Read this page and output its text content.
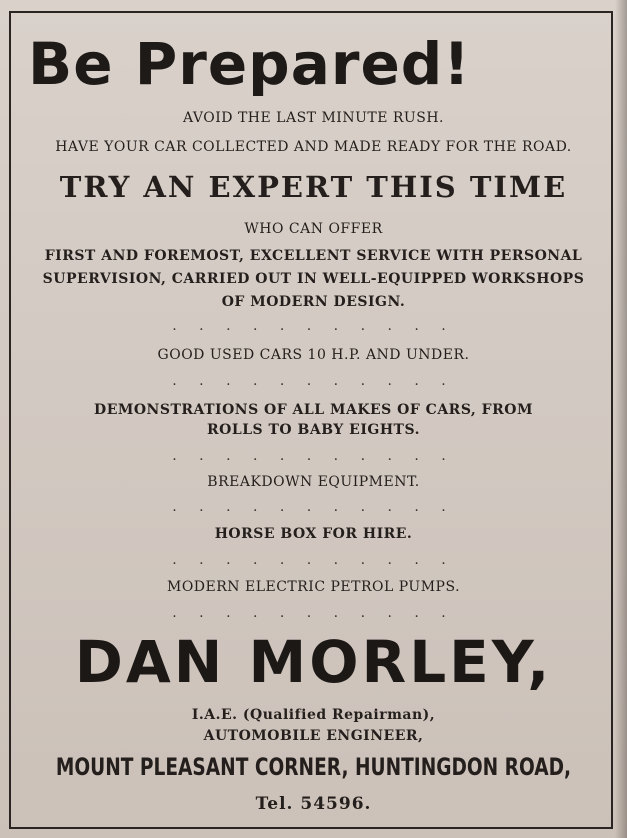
Be Prepared!
AVOID THE LAST MINUTE RUSH.
HAVE YOUR CAR COLLECTED AND MADE READY FOR THE ROAD.
TRY AN EXPERT THIS TIME
WHO CAN OFFER
FIRST AND FOREMOST, EXCELLENT SERVICE WITH PERSONAL
SUPERVISION, CARRIED OUT IN WELL-EQUIPPED WORKSHOPS
OF MODERN DESIGN.
. . . . . . . . . . .
GOOD USED CARS 10 H.P. AND UNDER.
. . . . . . . . . . .
DEMONSTRATIONS OF ALL MAKES OF CARS, FROM
ROLLS TO BABY EIGHTS.
. . . . . . . . . . .
BREAKDOWN EQUIPMENT.
. . . . . . . . . . .
HORSE BOX FOR HIRE.
. . . . . . . . . . .
MODERN ELECTRIC PETROL PUMPS.
. . . . . . . . . . .
DAN MORLEY,
I.A.E. (Qualified Repairman),
AUTOMOBILE ENGINEER,
MOUNT PLEASANT CORNER, HUNTINGDON ROAD,
Tel. 54596.
